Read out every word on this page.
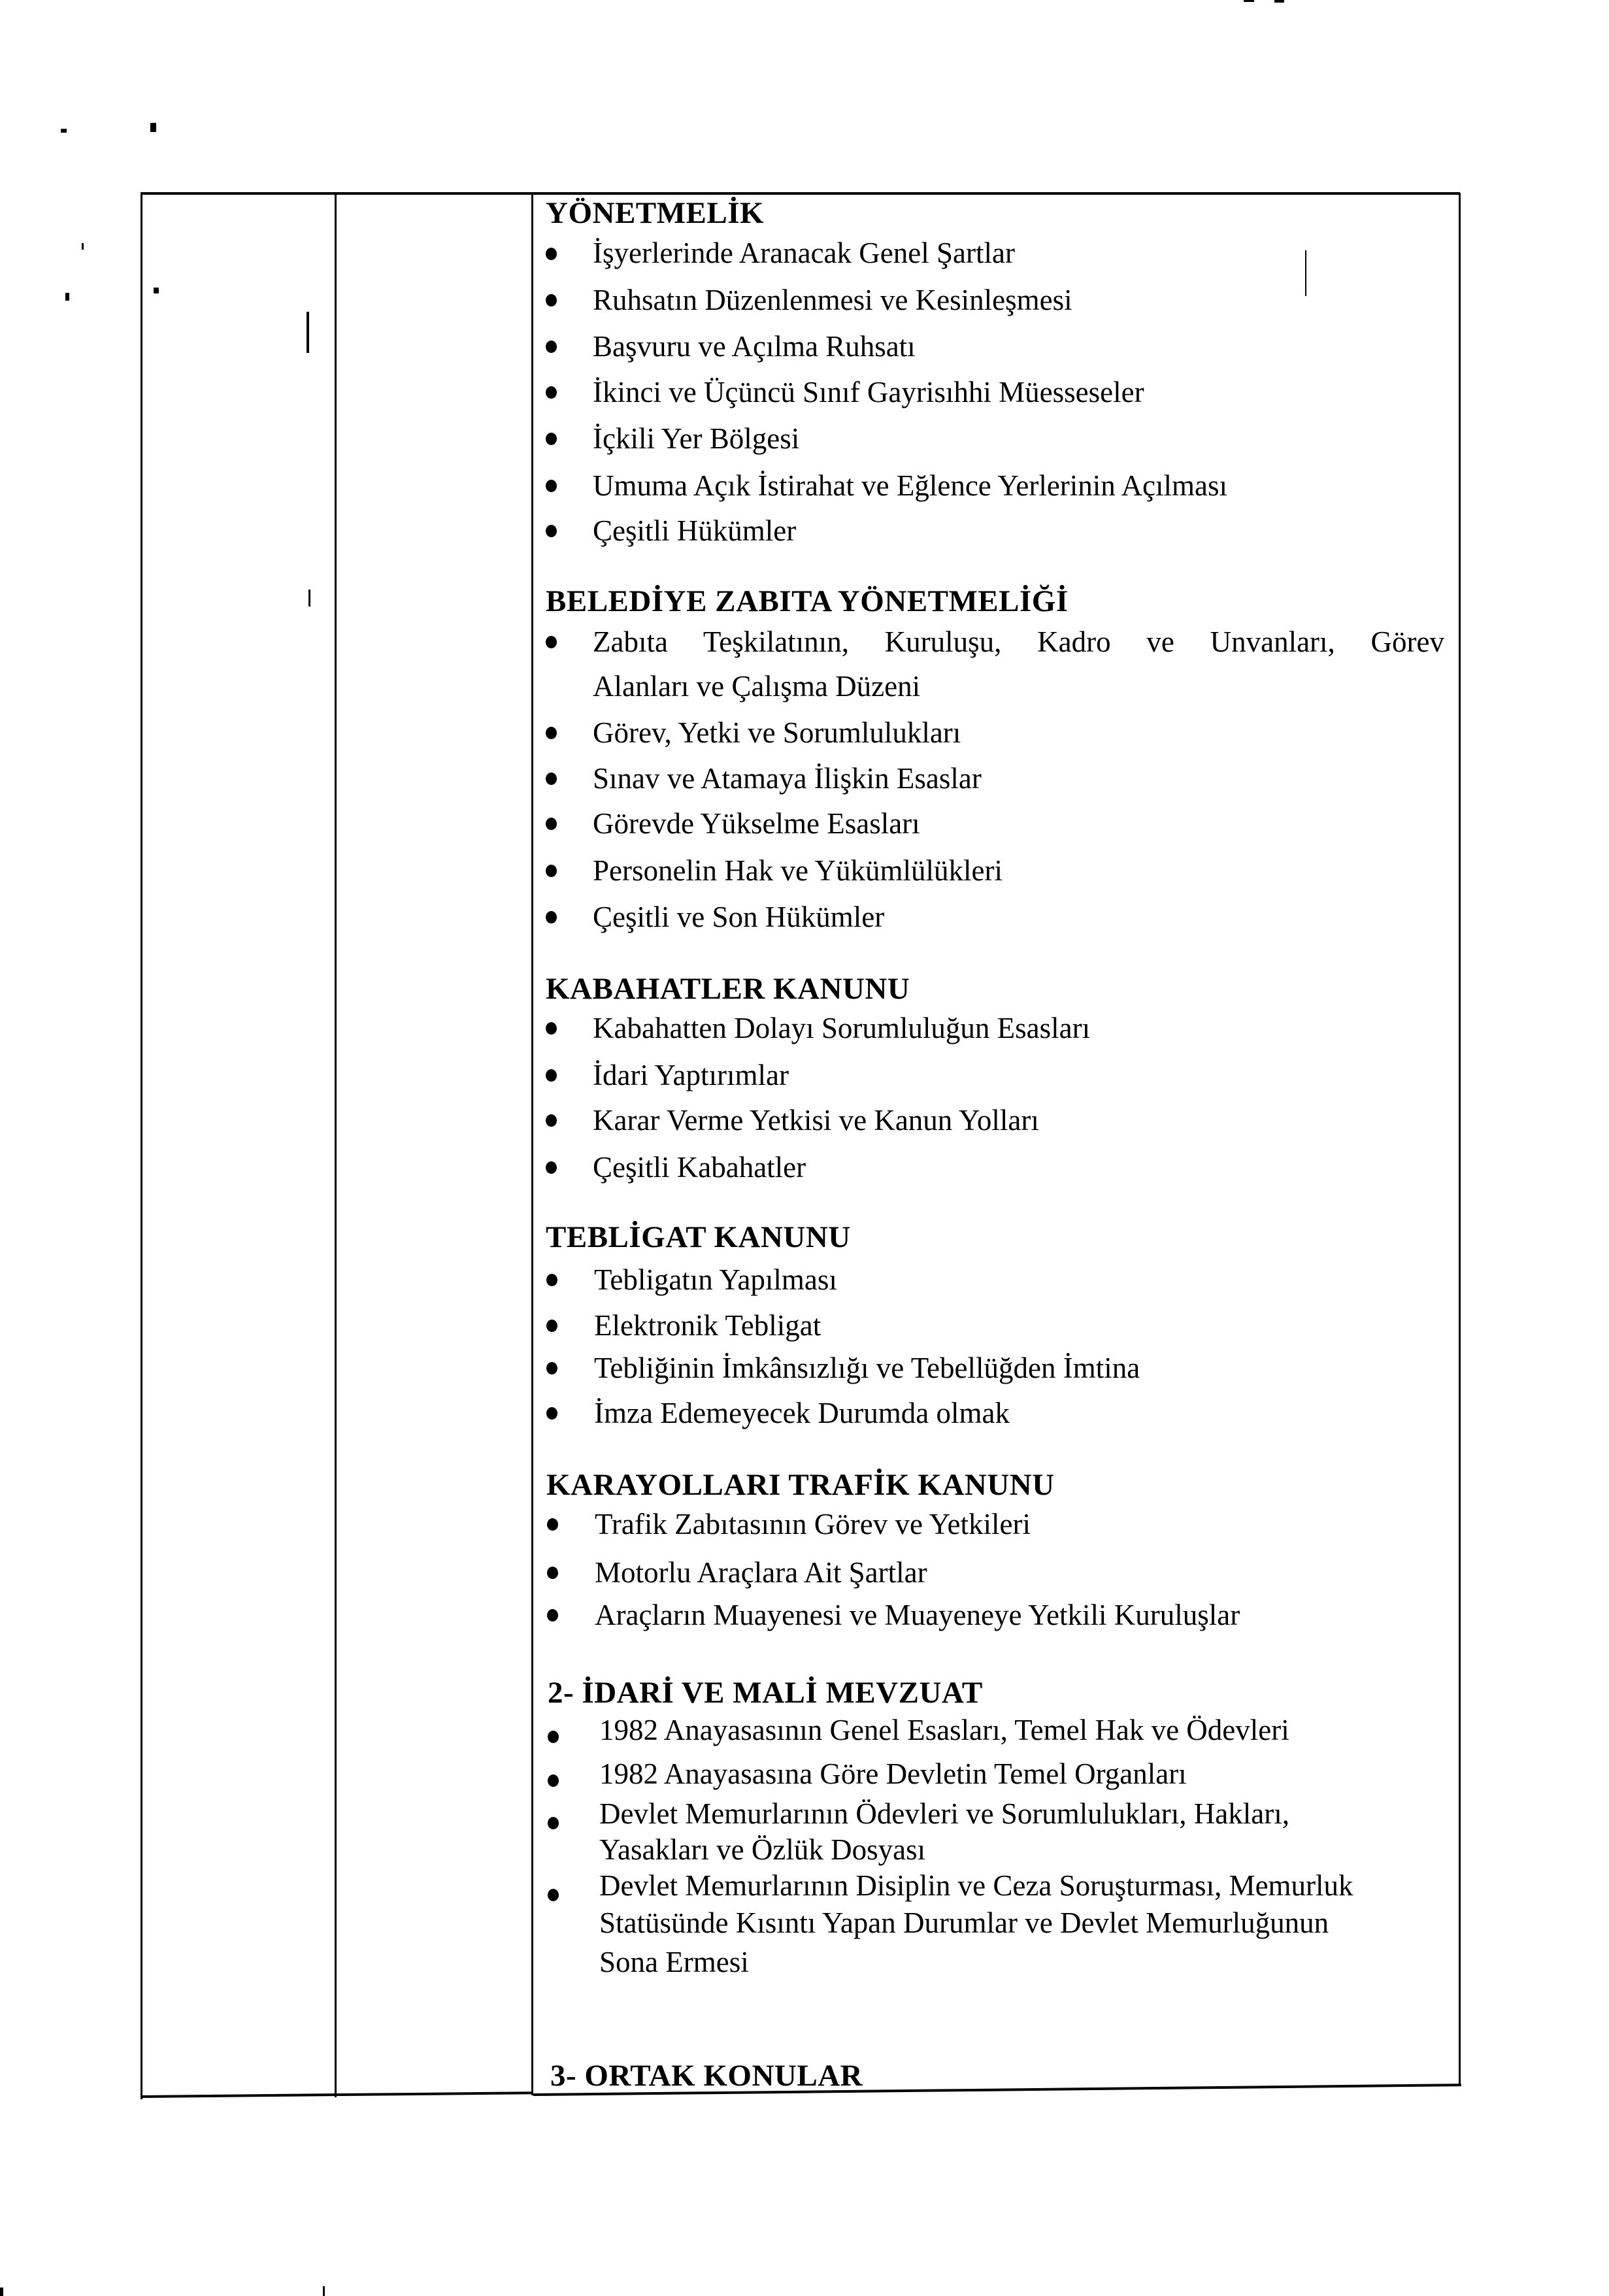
YÖNETMELİK
İşyerlerinde Aranacak Genel Şartlar
Ruhsatın Düzenlenmesi ve Kesinleşmesi
Başvuru ve Açılma Ruhsatı
İkinci ve Üçüncü Sınıf Gayrisıhhi Müesseseler
İçkili Yer Bölgesi
Umuma Açık İstirahat ve Eğlence Yerlerinin Açılması
Çeşitli Hükümler
BELEDİYE ZABITA YÖNETMELİĞİ
Zabıta Teşkilatının, Kuruluşu, Kadro ve Unvanları, Görev
Alanları ve Çalışma Düzeni
Görev, Yetki ve Sorumlulukları
Sınav ve Atamaya İlişkin Esaslar
Görevde Yükselme Esasları
Personelin Hak ve Yükümlülükleri
Çeşitli ve Son Hükümler
KABAHATLER KANUNU
Kabahatten Dolayı Sorumluluğun Esasları
İdari Yaptırımlar
Karar Verme Yetkisi ve Kanun Yolları
Çeşitli Kabahatler
TEBLİGAT KANUNU
Tebligatın Yapılması
Elektronik Tebligat
Tebliğinin İmkânsızlığı ve Tebellüğden İmtina
İmza Edemeyecek Durumda olmak
KARAYOLLARI TRAFİK KANUNU
Trafik Zabıtasının Görev ve Yetkileri
Motorlu Araçlara Ait Şartlar
Araçların Muayenesi ve Muayeneye Yetkili Kuruluşlar
2- İDARİ VE MALİ MEVZUAT
1982 Anayasasının Genel Esasları, Temel Hak ve Ödevleri
1982 Anayasasına Göre Devletin Temel Organları
Devlet Memurlarının Ödevleri ve Sorumlulukları, Hakları,
Yasakları ve Özlük Dosyası
Devlet Memurlarının Disiplin ve Ceza Soruşturması, Memurluk
Statüsünde Kısıntı Yapan Durumlar ve Devlet Memurluğunun
Sona Ermesi
3- ORTAK KONULAR
